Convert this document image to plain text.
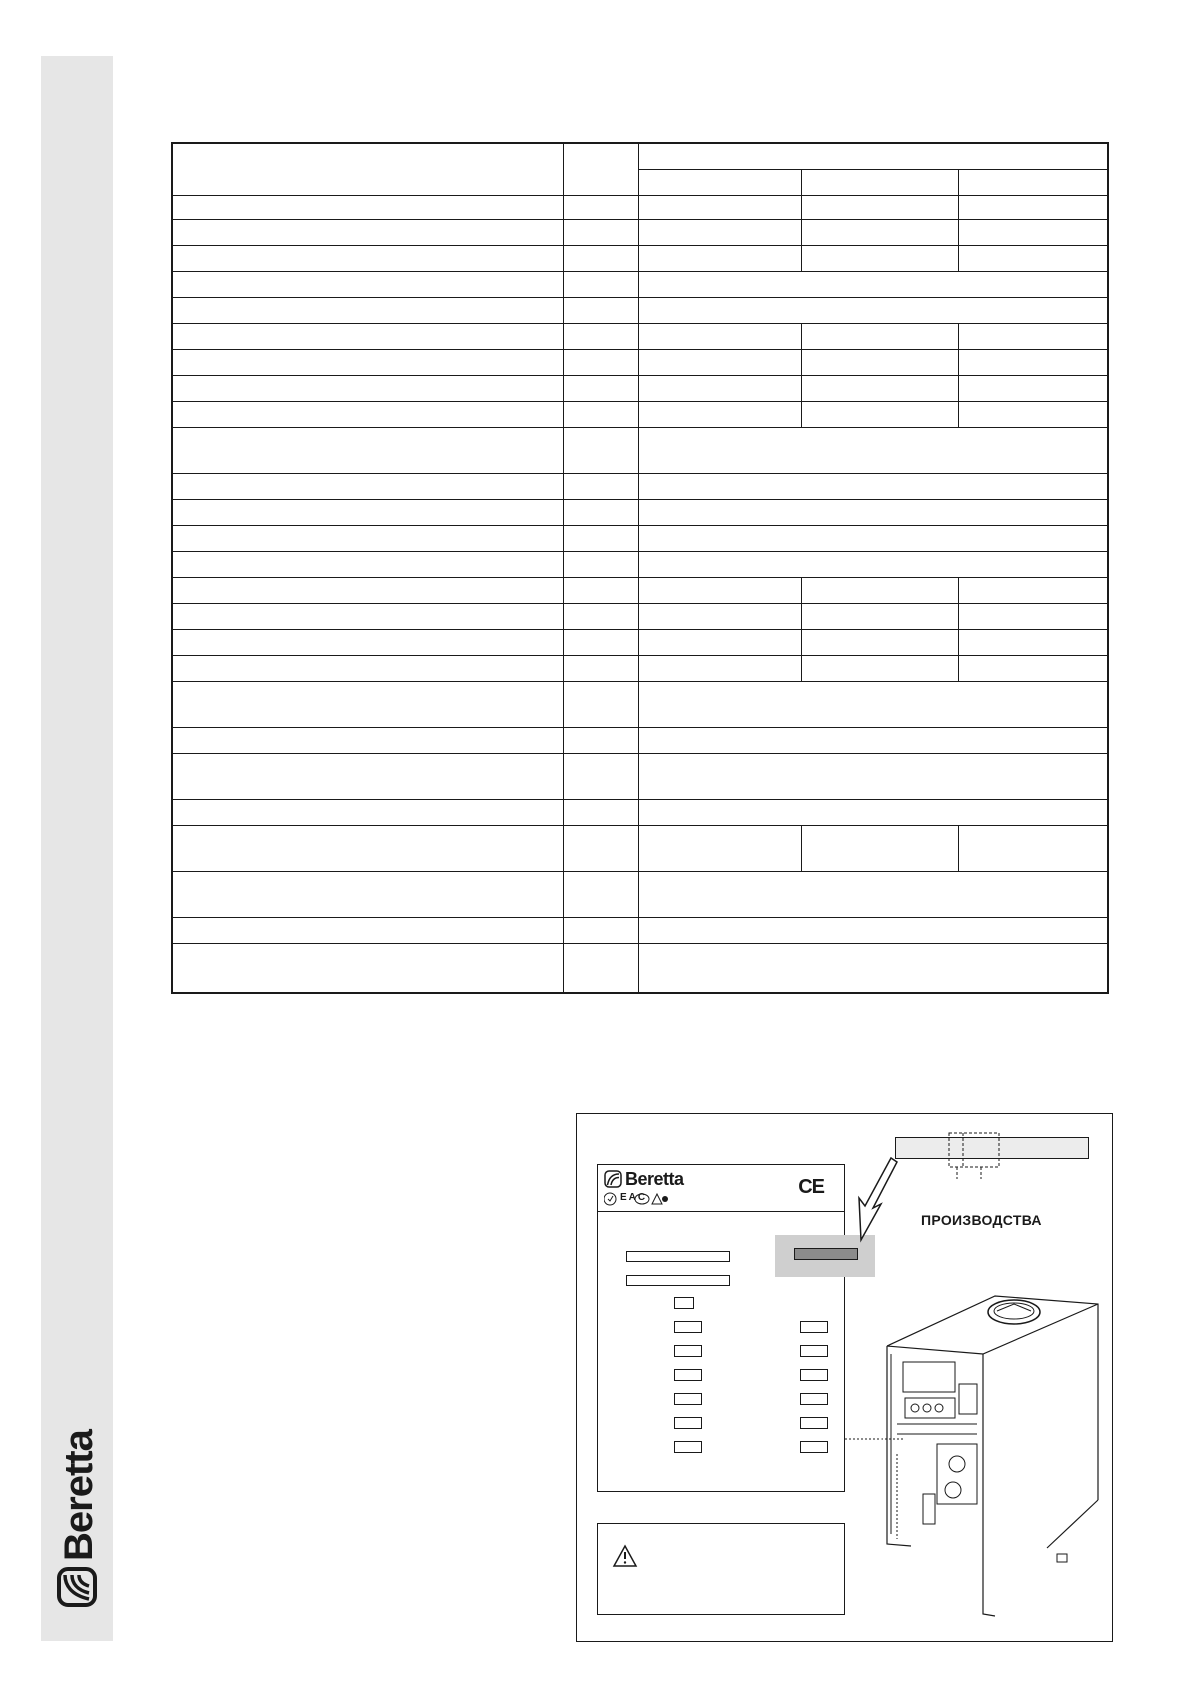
Beretta
Beretta
EAC	CE
ПРОИЗВОДСТВА
